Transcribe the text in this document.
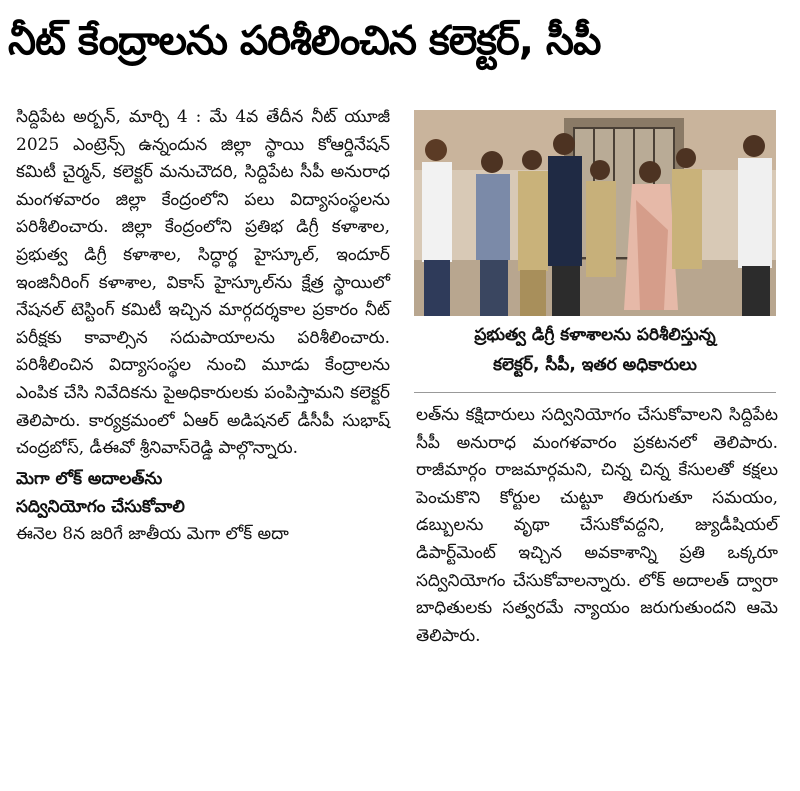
నీట్ కేంద్రాలను పరిశీలించిన కలెక్టర్, సీపీ

సిద్దిపేట అర్బన్, మార్చి 4 : మే 4వ తేదీన నీట్ యూజీ 2025 ఎంట్రెన్స్ ఉన్నందున జిల్లా స్థాయి కోఆర్డినేషన్ కమిటీ చైర్మన్, కలెక్టర్ మనుచౌదరి, సిద్దిపేట సీపీ అనురాధ మంగళవారం జిల్లా కేంద్రంలోని పలు విద్యాసంస్థలను పరిశీలించారు. జిల్లా కేంద్రంలోని ప్రతిభ డిగ్రీ కళాశాల, ప్రభుత్వ డిగ్రీ కళాశాల, సిద్ధార్థ హైస్కూల్, ఇందూర్ ఇంజినీరింగ్ కళాశాల, వికాస్ హైస్కూల్‌ను క్షేత్ర స్థాయిలో నేషనల్ టెస్టింగ్ కమిటీ ఇచ్చిన మార్గదర్శకాల ప్రకారం నీట్ పరీక్షకు కావాల్సిన సదుపాయాలను పరిశీలించారు. పరిశీలించిన విద్యాసంస్థల నుంచి మూడు కేంద్రాలను ఎంపిక చేసి నివేదికను పైఅధికారులకు పంపిస్తామని కలెక్టర్ తెలిపారు. కార్యక్రమంలో ఏఆర్ అడిషనల్ డీసీపీ సుభాష్ చంద్రబోస్, డీఈవో శ్రీనివాస్‌రెడ్డి పాల్గొన్నారు.

మెగా లోక్ అదాలత్‌ను
సద్వినియోగం చేసుకోవాలి

ఈనెల 8న జరిగే జాతీయ మెగా లోక్ అదా

ప్రభుత్వ డిగ్రీ కళాశాలను పరిశీలిస్తున్న
కలెక్టర్, సీపీ, ఇతర అధికారులు

లత్‌ను కక్షిదారులు సద్వినియోగం చేసుకోవాలని సిద్దిపేట సీపీ అనురాధ మంగళవారం ప్రకటనలో తెలిపారు. రాజీమార్గం రాజమార్గమని, చిన్న చిన్న కేసులతో కక్షలు పెంచుకొని కోర్టుల చుట్టూ తిరుగుతూ సమయం, డబ్బులను వృథా చేసుకోవద్దని, జ్యుడీషియల్ డిపార్ట్‌మెంట్ ఇచ్చిన అవకాశాన్ని ప్రతి ఒక్కరూ సద్వినియోగం చేసుకోవాలన్నారు. లోక్ అదాలత్ ద్వారా బాధితులకు సత్వరమే న్యాయం జరుగుతుందని ఆమె తెలిపారు.
